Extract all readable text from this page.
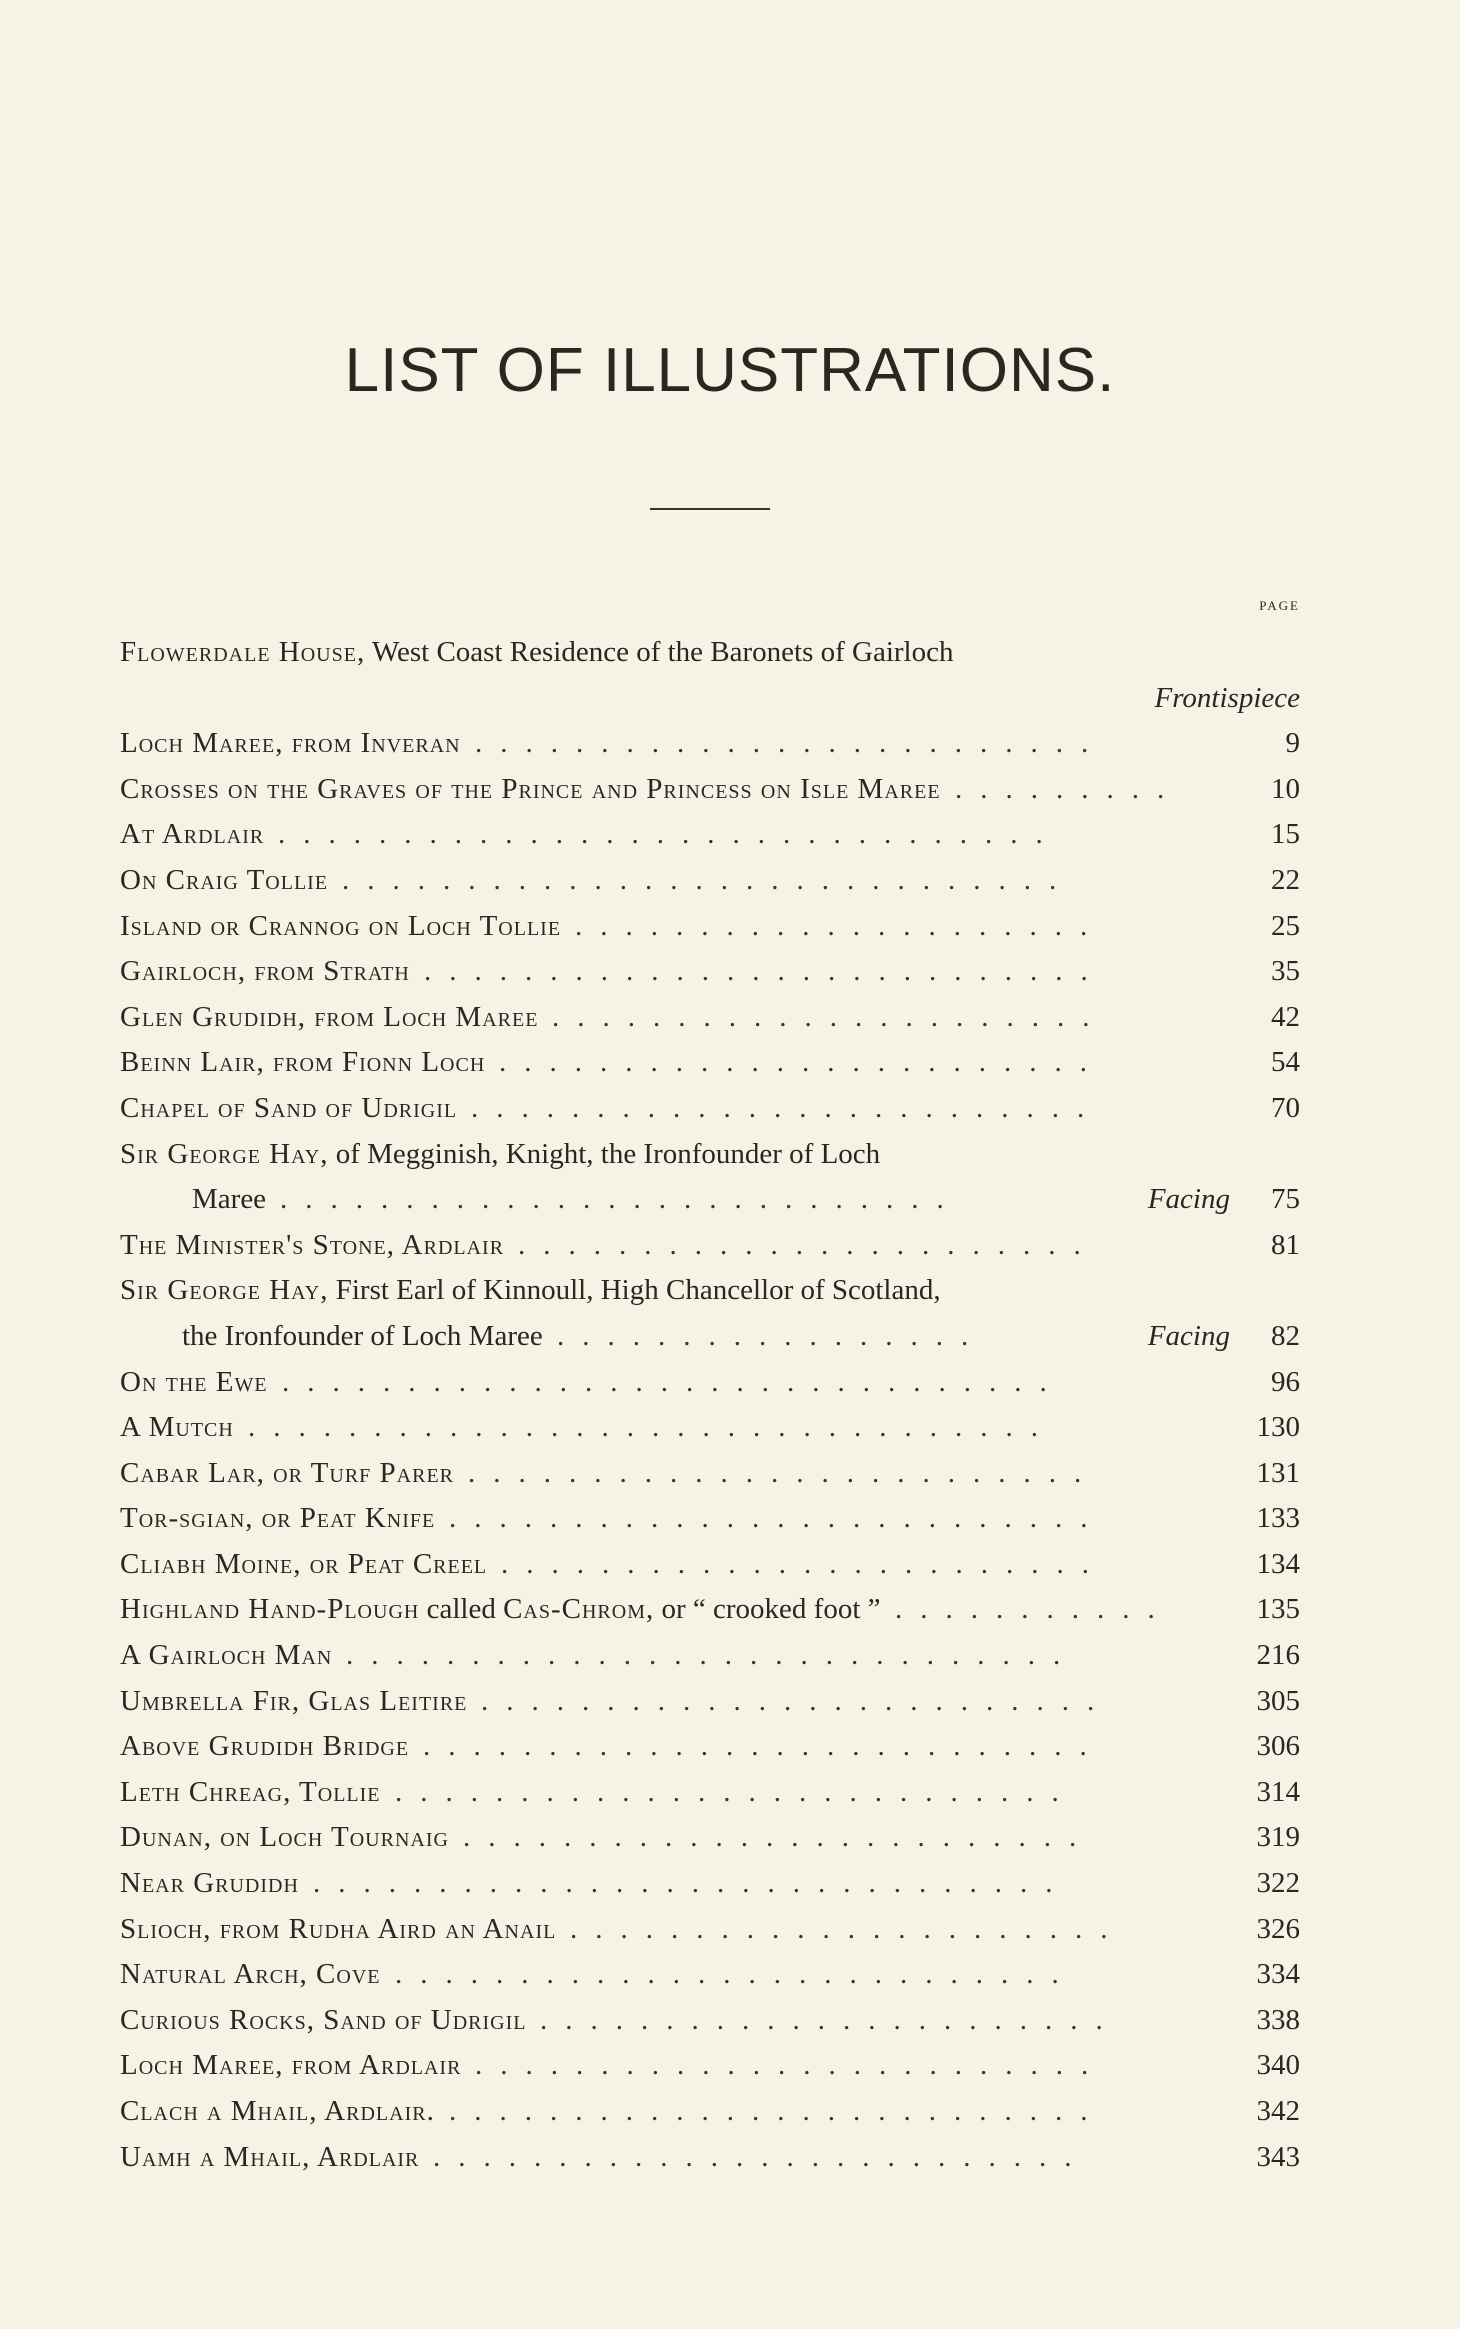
LIST OF ILLUSTRATIONS.
page
Flowerdale House, West Coast Residence of the Baronets of Gairloch
Frontispiece
Loch Maree, from Inveran	9
.........................
Crosses on the Graves of the Prince and Princess on Isle Maree	10
.........
At Ardlair	15
...............................
On Craig Tollie	22
.............................
Island or Crannog on Loch Tollie	25
.....................
Gairloch, from Strath	35
...........................
Glen Grudidh, from Loch Maree	42
......................
Beinn Lair, from Fionn Loch	54
........................
Chapel of Sand of Udrigil	70
.........................
Sir George Hay, of Megginish, Knight, the Ironfounder of Loch
Maree	Facing 75
...........................
The Minister's Stone, Ardlair	81
.......................
Sir George Hay, First Earl of Kinnoull, High Chancellor of Scotland,
the Ironfounder of Loch Maree	Facing 82
.................
On the Ewe	96
...............................
A Mutch	130
................................
Cabar Lar, or Turf Parer	131
.........................
Tor-sgian, or Peat Knife	133
..........................
Cliabh Moine, or Peat Creel	134
........................
Highland Hand-Plough called Cas-Chrom, or “ crooked foot ”	135
...........
A Gairloch Man	216
.............................
Umbrella Fir, Glas Leitire	305
.........................
Above Grudidh Bridge	306
...........................
Leth Chreag, Tollie	314
...........................
Dunan, on Loch Tournaig	319
.........................
Near Grudidh	322
..............................
Slioch, from Rudha Aird an Anail	326
......................
Natural Arch, Cove	334
...........................
Curious Rocks, Sand of Udrigil	338
.......................
Loch Maree, from Ardlair	340
.........................
Clach a Mhail, Ardlair.	342
..........................
Uamh a Mhail, Ardlair	343
..........................
